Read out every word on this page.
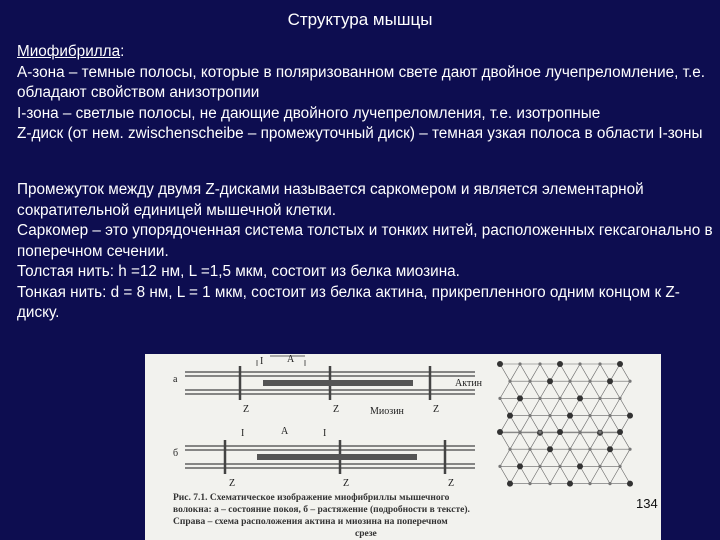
Структура мышцы

Миофибрилла:

А-зона – темные полосы, которые в поляризованном свете дают двойное лучепреломление, т.е. обладают свойством анизотропии

I-зона – светлые полосы, не дающие двойного лучепреломления, т.е. изотропные

Z-диск (от нем. zwischenscheibe – промежуточный диск) – темная узкая полоса в области I-зоны

Промежуток между двумя Z-дисками называется саркомером и является элементарной сократительной единицей мышечной клетки.

Саркомер – это упорядоченная система толстых и тонких нитей, расположенных гексагонально в поперечном сечении.

Толстая нить: h =12 нм, L =1,5 мкм, состоит из белка миозина.

Тонкая нить: d = 8 нм, L = 1 мкм, состоит из белка актина, прикрепленного одним концом к Z-диску.

a
I A
Z	Z	Z
Актин
Миозин
б
I	A	I
Z	Z	Z
Рис. 7.1. Схематическое изображение миофибриллы мышечного
волокна: а – состояние покоя, б – растяжение (подробности в тексте).
Справа – схема расположения актина и миозина на поперечном
срезе
134
